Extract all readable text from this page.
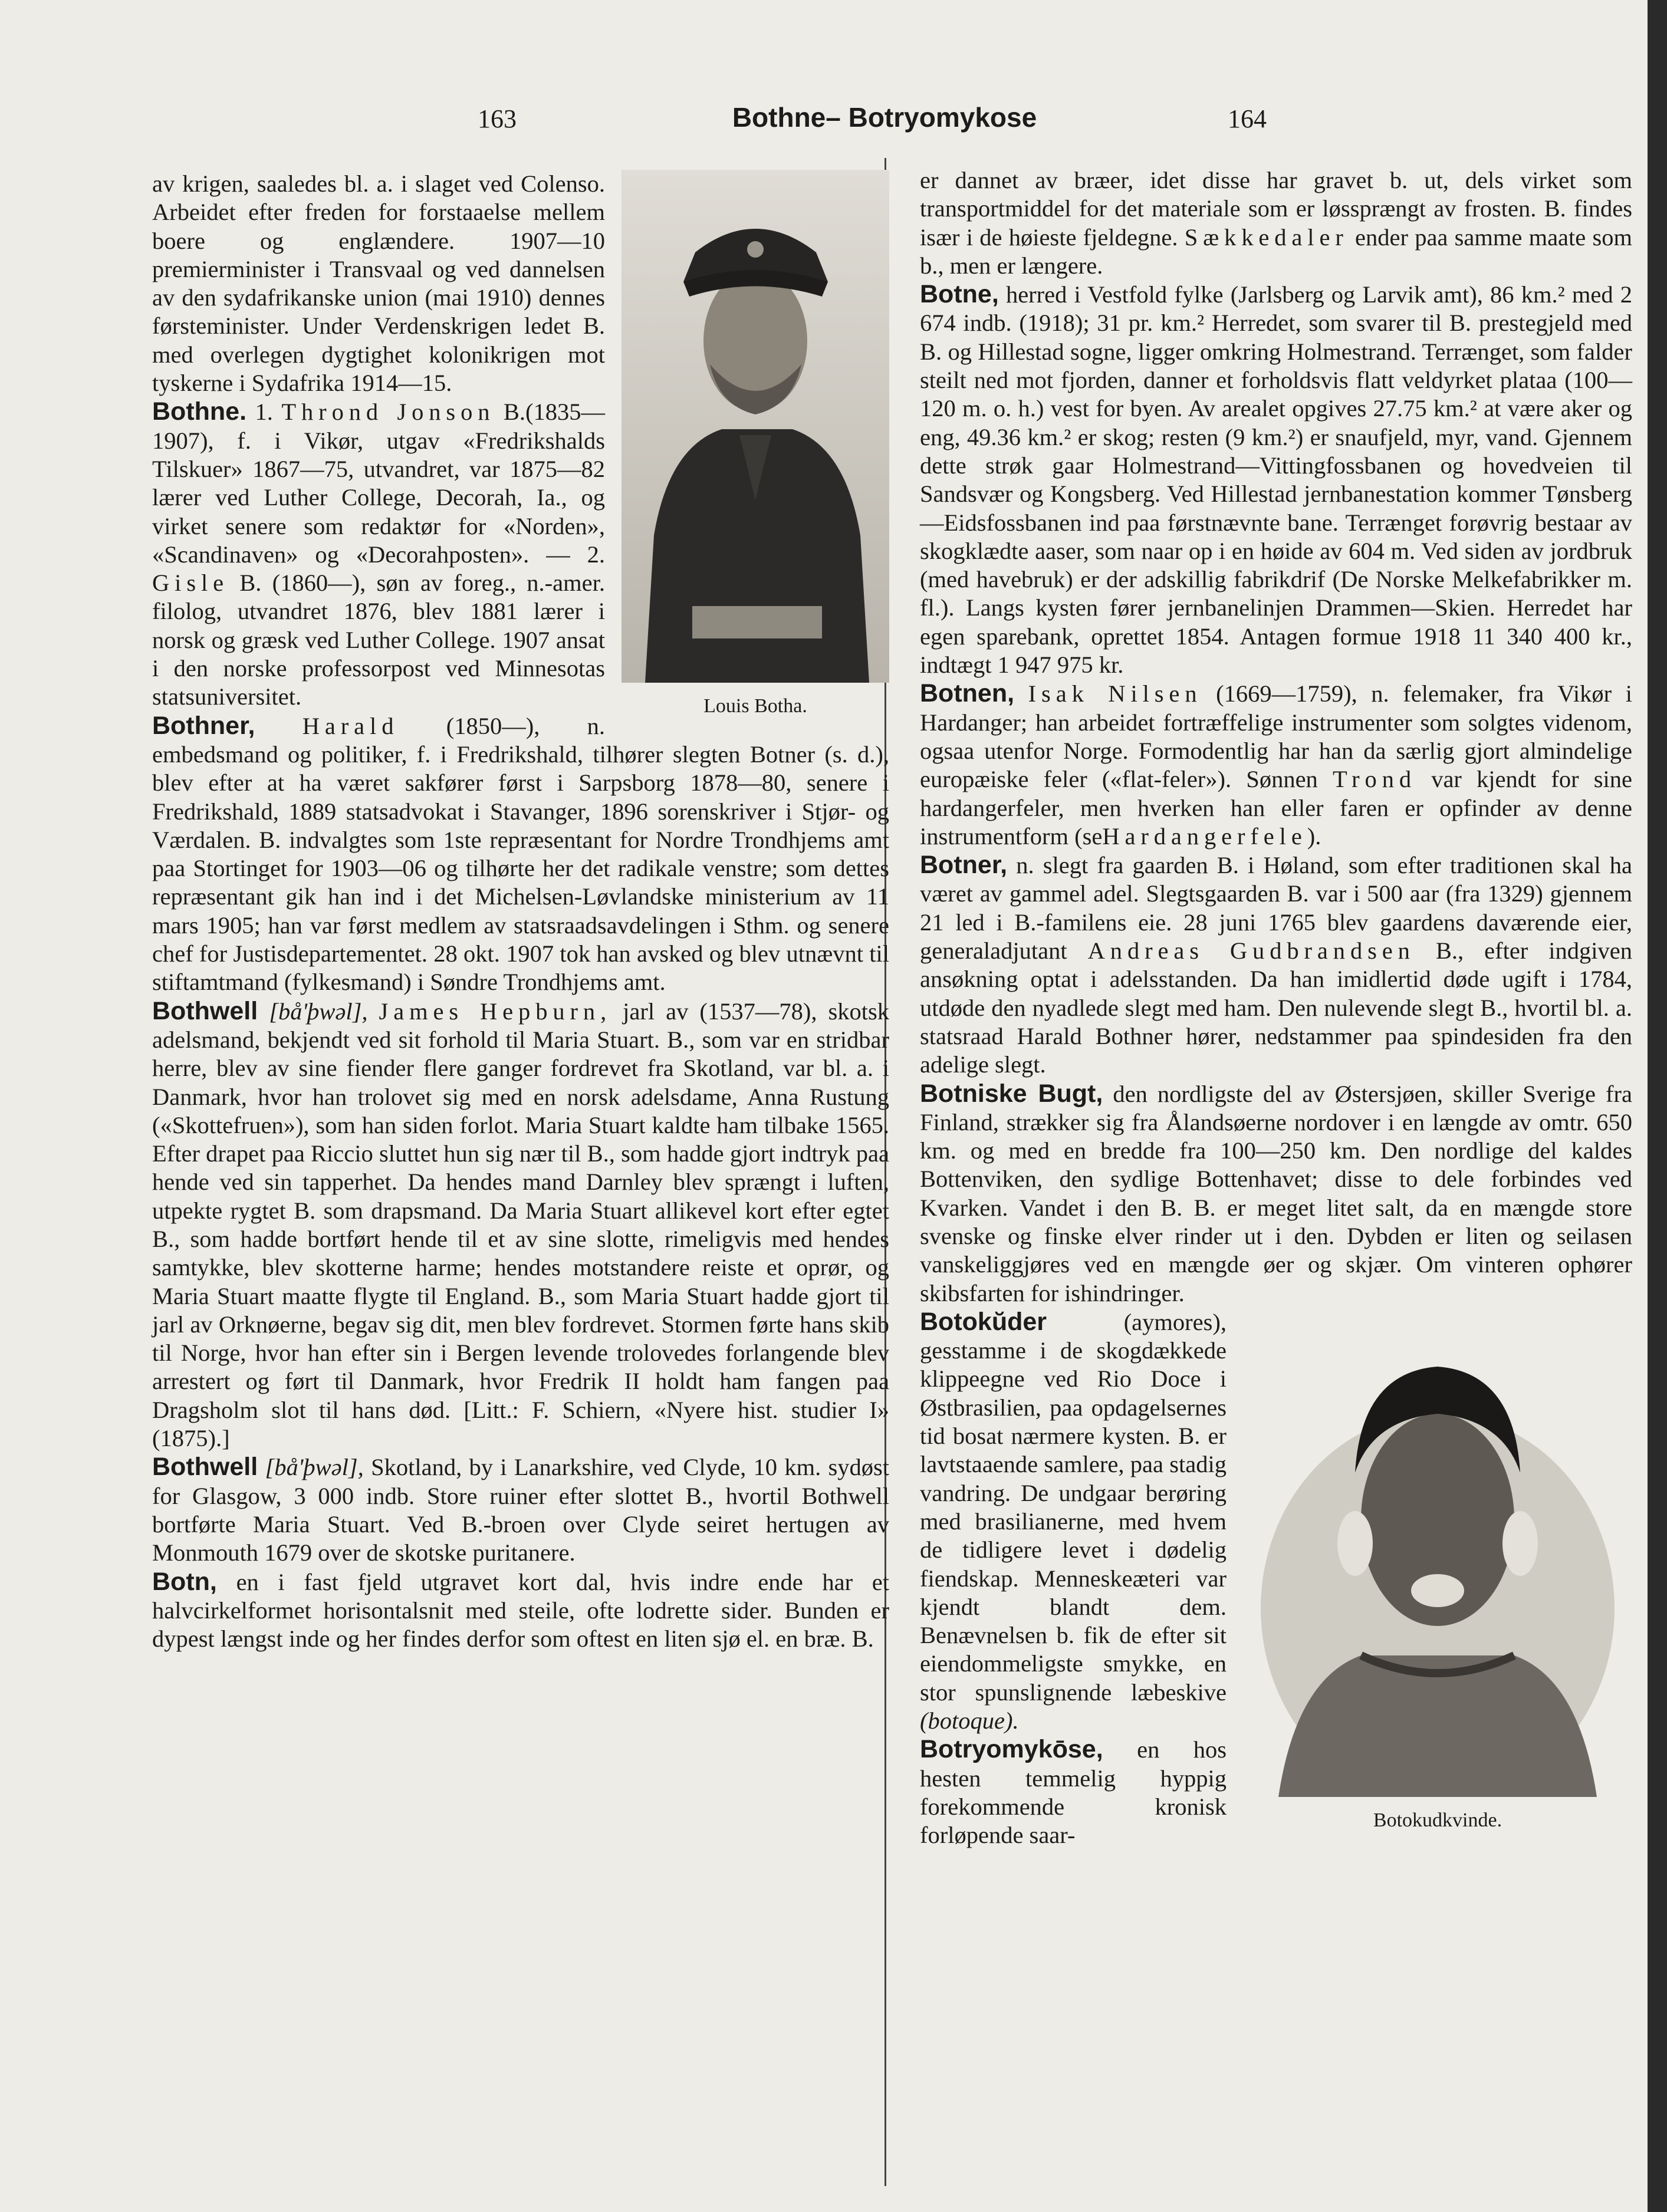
163	Bothne– Botryomykose	164
Louis Botha.

av krigen, saaledes bl. a. i slaget ved Colenso. Arbeidet efter freden for forstaaelse mellem boere og englændere. 1907—10 premierminister i Transvaal og ved dannelsen av den sydafrikanske union (mai 1910) dennes førsteminister. Under Verdenskrigen ledet B. med overlegen dygtighet kolonikrigen mot tyskerne i Sydafrika 1914—15.

Bothne. 1. Thrond Jonson B.(1835—1907), f. i Vikør, utgav «Fredrikshalds Tilskuer» 1867—75, utvandret, var 1875—82 lærer ved Luther College, Decorah, Ia., og virket senere som redaktør for «Norden», «Scandinaven» og «Decorahposten». — 2. Gisle B. (1860—), søn av foreg., n.-amer. filolog, utvandret 1876, blev 1881 lærer i norsk og græsk ved Luther College. 1907 ansat i den norske professorpost ved Minnesotas statsuniversitet.

Bothner, Harald (1850—), n. embedsmand og politiker, f. i Fredrikshald, tilhører slegten Botner (s. d.), blev efter at ha været sakfører først i Sarpsborg 1878—80, senere i Fredrikshald, 1889 statsadvokat i Stavanger, 1896 sorenskriver i Stjør- og Værdalen. B. indvalgtes som 1ste repræsentant for Nordre Trondhjems amt paa Stortinget for 1903—06 og tilhørte her det radikale venstre; som dettes repræsentant gik han ind i det Michelsen-Løvlandske ministerium av 11 mars 1905; han var først medlem av statsraadsavdelingen i Sthm. og senere chef for Justisdepartementet. 28 okt. 1907 tok han avsked og blev utnævnt til stiftamtmand (fylkesmand) i Søndre Trondhjems amt.

Bothwell [bå'þwəl], James Hepburn, jarl av (1537—78), skotsk adelsmand, bekjendt ved sit forhold til Maria Stuart. B., som var en stridbar herre, blev av sine fiender flere ganger fordrevet fra Skotland, var bl. a. i Danmark, hvor han trolovet sig med en norsk adelsdame, Anna Rustung («Skottefruen»), som han siden forlot. Maria Stuart kaldte ham tilbake 1565. Efter drapet paa Riccio sluttet hun sig nær til B., som hadde gjort indtryk paa hende ved sin tapperhet. Da hendes mand Darnley blev sprængt i luften, utpekte rygtet B. som drapsmand. Da Maria Stuart allikevel kort efter egtet B., som hadde bortført hende til et av sine slotte, rimeligvis med hendes samtykke, blev skotterne harme; hendes motstandere reiste et oprør, og Maria Stuart maatte flygte til England. B., som Maria Stuart hadde gjort til jarl av Orknøerne, begav sig dit, men blev fordrevet. Stormen førte hans skib til Norge, hvor han efter sin i Bergen levende trolovedes forlangende blev arrestert og ført til Danmark, hvor Fredrik II holdt ham fangen paa Dragsholm slot til hans død. [Litt.: F. Schiern, «Nyere hist. studier I» (1875).]

Bothwell [bå'þwəl], Skotland, by i Lanarkshire, ved Clyde, 10 km. sydøst for Glasgow, 3 000 indb. Store ruiner efter slottet B., hvortil Bothwell bortførte Maria Stuart. Ved B.-broen over Clyde seiret hertugen av Monmouth 1679 over de skotske puritanere.

Botn, en i fast fjeld utgravet kort dal, hvis indre ende har et halvcirkelformet horisontalsnit med steile, ofte lodrette sider. Bunden er dypest længst inde og her findes derfor som oftest en liten sjø el. en bræ. B.

er dannet av bræer, idet disse har gravet b. ut, dels virket som transportmiddel for det materiale som er løssprængt av frosten. B. findes især i de høieste fjeldegne. Sækkedaler ender paa samme maate som b., men er længere.

Botne, herred i Vestfold fylke (Jarlsberg og Larvik amt), 86 km.² med 2 674 indb. (1918); 31 pr. km.² Herredet, som svarer til B. prestegjeld med B. og Hillestad sogne, ligger omkring Holmestrand. Terrænget, som falder steilt ned mot fjorden, danner et forholdsvis flatt veldyrket plataa (100—120 m. o. h.) vest for byen. Av arealet opgives 27.75 km.² at være aker og eng, 49.36 km.² er skog; resten (9 km.²) er snaufjeld, myr, vand. Gjennem dette strøk gaar Holmestrand—Vittingfossbanen og hovedveien til Sandsvær og Kongsberg. Ved Hillestad jernbanestation kommer Tønsberg—Eidsfossbanen ind paa førstnævnte bane. Terrænget forøvrig bestaar av skogklædte aaser, som naar op i en høide av 604 m. Ved siden av jordbruk (med havebruk) er der adskillig fabrikdrif (De Norske Melkefabrikker m. fl.). Langs kysten fører jernbanelinjen Drammen—Skien. Herredet har egen sparebank, oprettet 1854. Antagen formue 1918 11 340 400 kr., indtægt 1 947 975 kr.

Botnen, Isak Nilsen (1669—1759), n. felemaker, fra Vikør i Hardanger; han arbeidet fortræffelige instrumenter som solgtes videnom, ogsaa utenfor Norge. Formodentlig har han da særlig gjort almindelige europæiske feler («flat-feler»). Sønnen Trond var kjendt for sine hardangerfeler, men hverken han eller faren er opfinder av denne instrumentform (seHardangerfele).

Botner, n. slegt fra gaarden B. i Høland, som efter traditionen skal ha været av gammel adel. Slegtsgaarden B. var i 500 aar (fra 1329) gjennem 21 led i B.-familens eie. 28 juni 1765 blev gaardens daværende eier, generaladjutant Andreas Gudbrandsen B., efter indgiven ansøkning optat i adelsstanden. Da han imidlertid døde ugift i 1784, utdøde den nyadlede slegt med ham. Den nulevende slegt B., hvortil bl. a. statsraad Harald Bothner hører, nedstammer paa spindesiden fra den adelige slegt.

Botniske Bugt, den nordligste del av Østersjøen, skiller Sverige fra Finland, strækker sig fra Ålandsøerne nordover i en længde av omtr. 650 km. og med en bredde fra 100—250 km. Den nordlige del kaldes Bottenviken, den sydlige Bottenhavet; disse to dele forbindes ved Kvarken. Vandet i den B. B. er meget litet salt, da en mængde store svenske og finske elver rinder ut i den. Dybden er liten og seilasen vanskeliggjøres ved en mængde øer og skjær. Om vinteren ophører skibsfarten for ishindringer.

Botokudkvinde.

Botokŭder	(aymores), gesstamme i de skogdækkede klippeegne ved Rio Doce i Østbrasilien, paa opdagelsernes tid bosat nærmere kysten. B. er lavtstaaende samlere, paa stadig vandring. De undgaar berøring med brasilianerne, med hvem de tidligere levet i dødelig fiendskap. Menneskeæteri var kjendt blandt dem. Benævnelsen b. fik de efter sit eiendommeligste smykke, en stor spunslignende læbeskive (botoque).

Botryomykōse, en hos hesten temmelig hyppig forekommende kronisk forløpende saar-
